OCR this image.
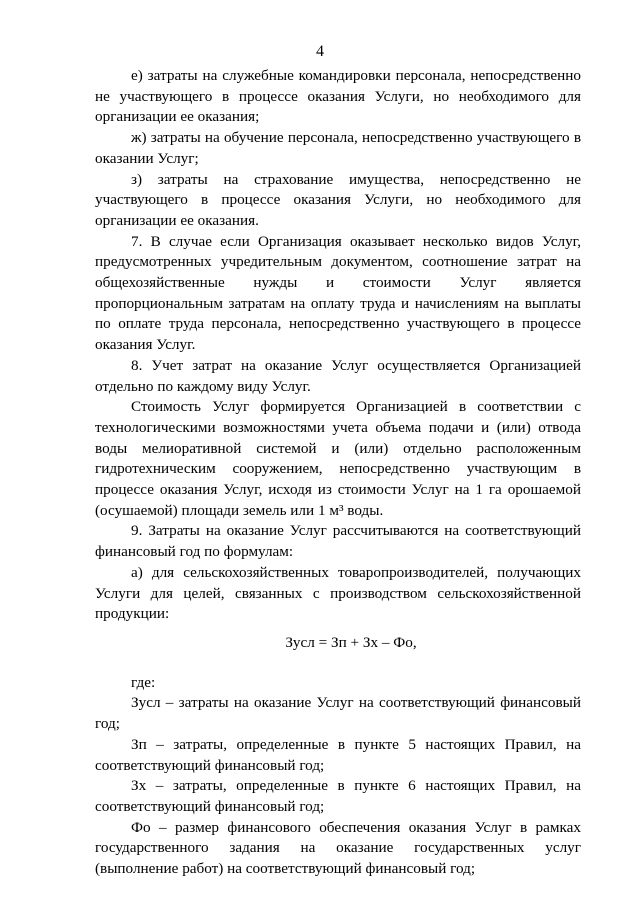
4

е) затраты на служебные командировки персонала, непосредственно не участвующего в процессе оказания Услуги, но необходимого для организации ее оказания;

ж) затраты на обучение персонала, непосредственно участвующего в оказании Услуг;

з) затраты на страхование имущества, непосредственно не участвующего в процессе оказания Услуги, но необходимого для организации ее оказания.

7. В случае если Организация оказывает несколько видов Услуг, предусмотренных учредительным документом, соотношение затрат на общехозяйственные нужды и стоимости Услуг является пропорциональным затратам на оплату труда и начислениям на выплаты по оплате труда персонала, непосредственно участвующего в процессе оказания Услуг.

8. Учет затрат на оказание Услуг осуществляется Организацией отдельно по каждому виду Услуг.

Стоимость Услуг формируется Организацией в соответствии с технологическими возможностями учета объема подачи и (или) отвода воды мелиоративной системой и (или) отдельно расположенным гидротехническим сооружением, непосредственно участвующим в процессе оказания Услуг, исходя из стоимости Услуг на 1 га орошаемой (осушаемой) площади земель или 1 м³ воды.

9. Затраты на оказание Услуг рассчитываются на соответствующий финансовый год по формулам:

а) для сельскохозяйственных товаропроизводителей, получающих Услуги для целей, связанных с производством сельскохозяйственной продукции:

Зусл = Зп + Зх – Фо,

где:

Зусл – затраты на оказание Услуг на соответствующий финансовый год;

Зп – затраты, определенные в пункте 5 настоящих Правил, на соответствующий финансовый год;

Зх – затраты, определенные в пункте 6 настоящих Правил, на соответствующий финансовый год;

Фо – размер финансового обеспечения оказания Услуг в рамках государственного задания на оказание государственных услуг (выполнение работ) на соответствующий финансовый год;
